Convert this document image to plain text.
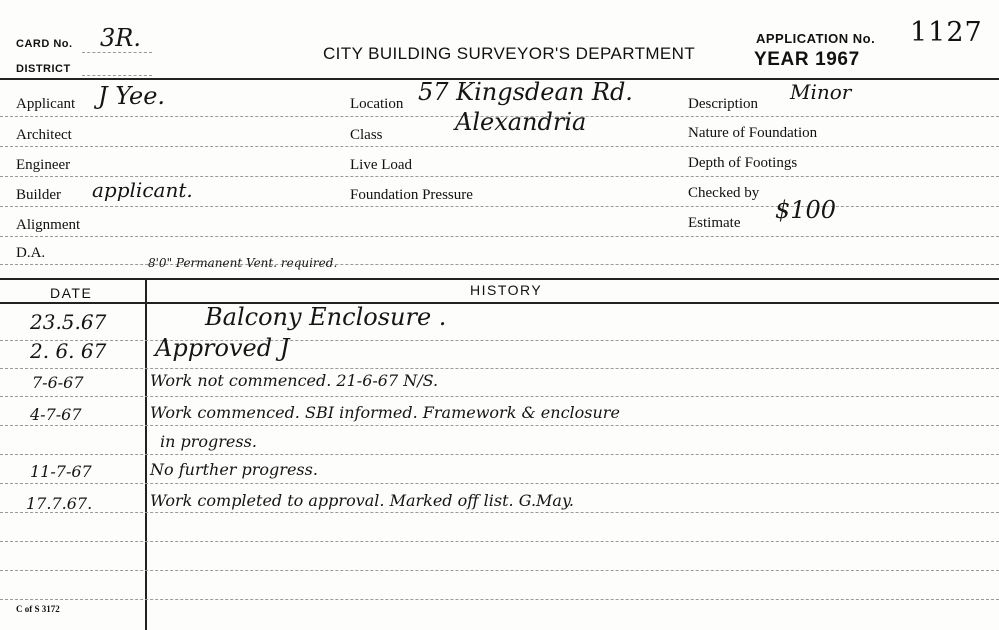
CARD No. 3R.
DISTRICT
CITY BUILDING SURVEYOR'S DEPARTMENT
APPLICATION No. 1127
YEAR 1967
Applicant J Yee.
Architect
Engineer
Builder applicant.
Alignment
D.A.
Location 57 Kingsdean Rd.
Class	Alexandria
Live Load
Foundation Pressure
Description Minor
Nature of Foundation
Depth of Footings
Checked by
Estimate $100
8'0" Permanent Vent. required.
DATE	HISTORY
23.5.67	Balcony Enclosure .
2. 6. 67 Approved J
7-6-67	Work not commenced. 21-6-67 N/S.
4-7-67	Work commenced. SBI informed. Framework & enclosure
in progress.
11-7-67	No further progress.
17.7.67.	Work completed to approval. Marked off list. G.May.
C of S 3172
